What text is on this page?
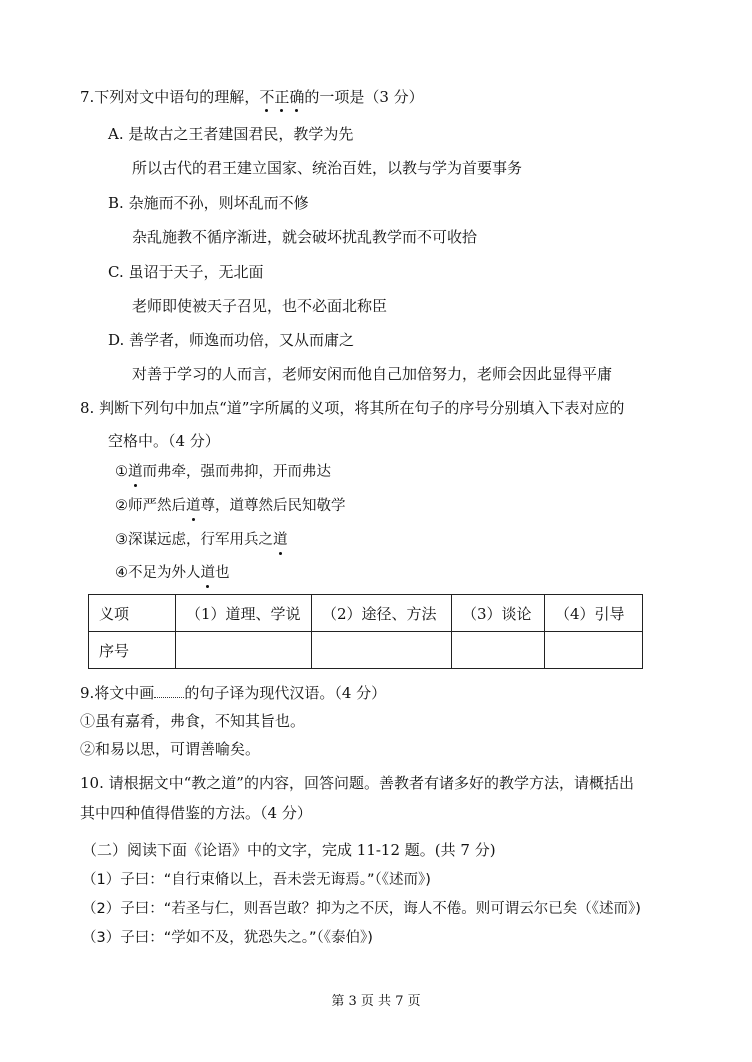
7.下列对文中语句的理解，不正确的一项是（3 分）
A. 是故古之王者建国君民，教学为先
所以古代的君王建立国家、统治百姓，以教与学为首要事务
B. 杂施而不孙，则坏乱而不修
杂乱施教不循序渐进，就会破坏扰乱教学而不可收拾
C. 虽诏于天子，无北面
老师即使被天子召见，也不必面北称臣
D. 善学者，师逸而功倍，又从而庸之
对善于学习的人而言，老师安闲而他自己加倍努力，老师会因此显得平庸
8. 判断下列句中加点“道”字所属的义项，将其所在句子的序号分别填入下表对应的
空格中。（4 分）
①道而弗牵，强而弗抑，开而弗达
②师严然后道尊，道尊然后民知敬学
③深谋远虑，行军用兵之道
④不足为外人道也
义项	（1）道理、学说	（2）途径、方法	（3）谈论	（4）引导
序号				
9.将文中画 的句子译为现代汉语。（4 分）
①虽有嘉肴，弗食，不知其旨也。
②和易以思，可谓善喻矣。
10. 请根据文中“教之道”的内容，回答问题。善教者有诸多好的教学方法，请概括出
其中四种值得借鉴的方法。（4 分）
（二）阅读下面《论语》中的文字，完成 11-12 题。(共 7 分)
（1）子曰：“自行束脩以上，吾未尝无诲焉。”（《述而》)
（2）子曰：“若圣与仁，则吾岂敢？抑为之不厌，诲人不倦。则可谓云尔已矣（《述而》)
（3）子曰：“学如不及，犹恐失之。”（《泰伯》)
第 3 页 共 7 页
